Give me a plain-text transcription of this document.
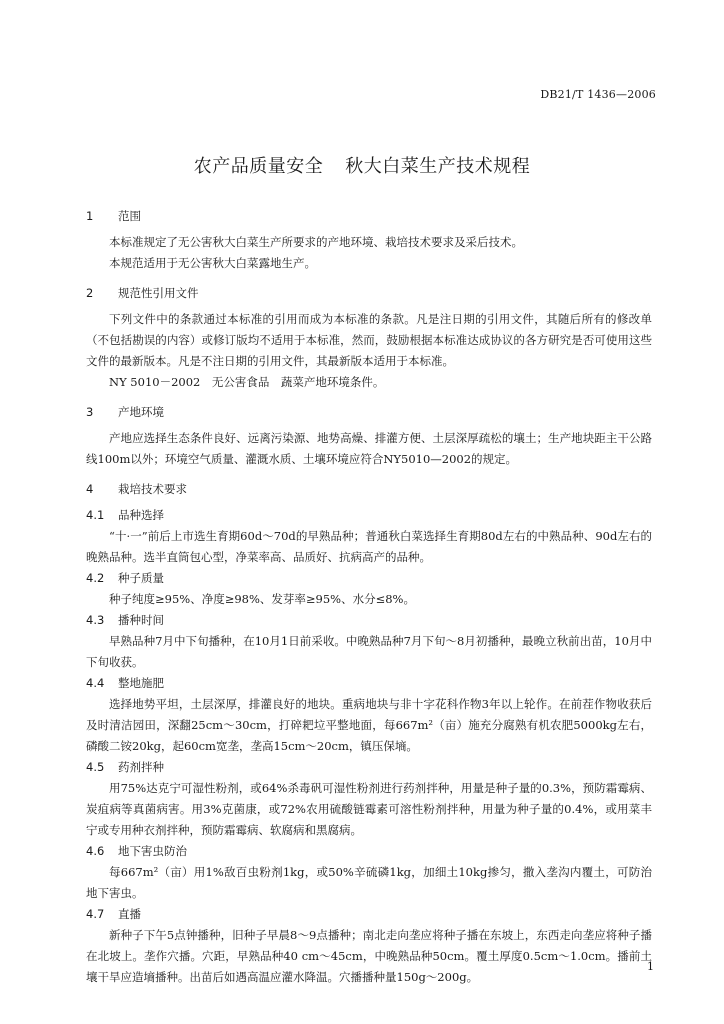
DB21/T 1436—2006
农产品质量安全 秋大白菜生产技术规程
1 范围
本标准规定了无公害秋大白菜生产所要求的产地环境、栽培技术要求及采后技术。
本规范适用于无公害秋大白菜露地生产。
2 规范性引用文件
下列文件中的条款通过本标准的引用而成为本标准的条款。凡是注日期的引用文件，其随后所有的修改单（不包括勘误的内容）或修订版均不适用于本标准，然而，鼓励根据本标准达成协议的各方研究是否可使用这些文件的最新版本。凡是不注日期的引用文件，其最新版本适用于本标准。
NY 5010－2002　无公害食品　蔬菜产地环境条件。
3 产地环境
产地应选择生态条件良好、远离污染源、地势高燥、排灌方便、土层深厚疏松的壤土；生产地块距主干公路线100m以外；环境空气质量、灌溉水质、土壤环境应符合NY5010—2002的规定。
4 栽培技术要求
4.1 品种选择
“十·一”前后上市选生育期60d～70d的早熟品种；普通秋白菜选择生育期80d左右的中熟品种、90d左右的晚熟品种。选半直筒包心型，净菜率高、品质好、抗病高产的品种。
4.2 种子质量
种子纯度≥95%、净度≥98%、发芽率≥95%、水分≤8%。
4.3 播种时间
早熟品种7月中下旬播种，在10月1日前采收。中晚熟品种7月下旬～8月初播种，最晚立秋前出苗，10月中下旬收获。
4.4 整地施肥
选择地势平坦，土层深厚，排灌良好的地块。重病地块与非十字花科作物3年以上轮作。在前茬作物收获后及时清洁园田，深翻25cm～30cm，打碎耙垃平整地面，每667m²（亩）施充分腐熟有机农肥5000kg左右，磷酸二铵20kg，起60cm宽垄，垄高15cm～20cm，镇压保墒。
4.5 药剂拌种
用75%达克宁可湿性粉剂，或64%杀毒矾可湿性粉剂进行药剂拌种，用量是种子量的0.3%，预防霜霉病、炭疽病等真菌病害。用3%克菌康，或72%农用硫酸链霉素可溶性粉剂拌种，用量为种子量的0.4%，或用菜丰宁或专用种衣剂拌种，预防霜霉病、软腐病和黑腐病。
4.6 地下害虫防治
每667m²（亩）用1%敌百虫粉剂1kg，或50%辛硫磷1kg，加细土10kg掺匀，撒入垄沟内覆土，可防治地下害虫。
4.7 直播
新种子下午5点钟播种，旧种子早晨8～9点播种；南北走向垄应将种子播在东坡上，东西走向垄应将种子播在北坡上。垄作穴播。穴距，早熟品种40 cm～45cm，中晚熟品种50cm。覆土厚度0.5cm～1.0cm。播前土壤干旱应造墒播种。出苗后如遇高温应灌水降温。穴播播种量150g～200g。
1
